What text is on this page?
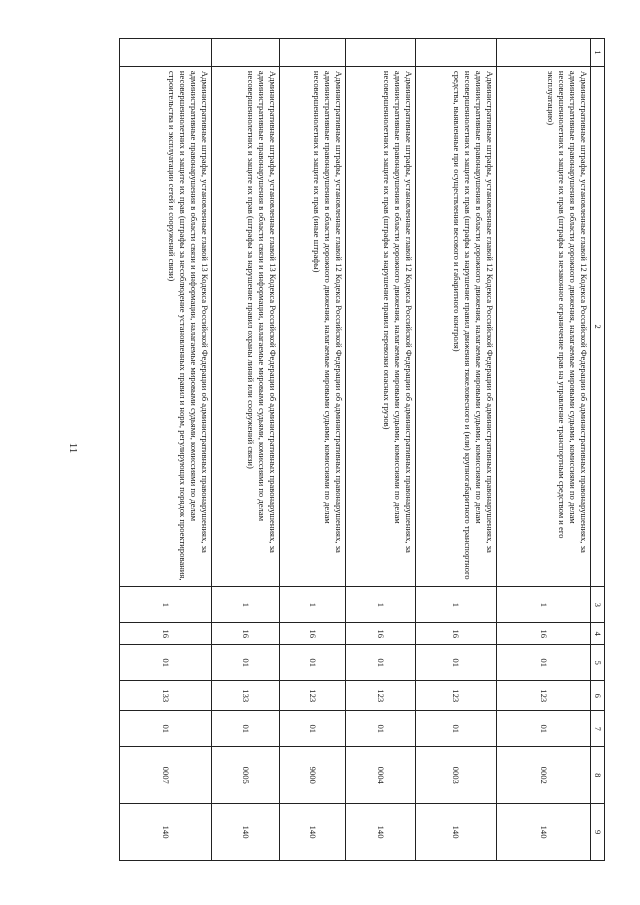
11
1	2	3	4	5	6	7	8	9
	Административные штрафы, установленные главой 12 Кодекса Российской Федерации об административных правонарушениях, за административные правонарушения в области дорожного движения, налагаемые мировыми судьями, комиссиями по делам несовершеннолетних и защите их прав (штрафы за незаконное ограничение прав на управление транспортным средством и его эксплуатацию)	1	16	01	123	01	0002	140
	Административные штрафы, установленные главой 12 Кодекса Российской Федерации об административных правонарушениях, за административные правонарушения в области дорожного движения, налагаемые мировыми судьями, комиссиями по делам несовершеннолетних и защите их прав (штрафы за нарушение правил движения тяжеловесного и (или) крупногабаритного транспортного средства, выявленные при осуществлении весового и габаритного контроля)	1	16	01	123	01	0003	140
	Административные штрафы, установленные главой 12 Кодекса Российской Федерации об административных правонарушениях, за административные правонарушения в области дорожного движения, налагаемые мировыми судьями, комиссиями по делам несовершеннолетних и защите их прав (штрафы за нарушение правил перевозки опасных грузов)	1	16	01	123	01	0004	140
	Административные штрафы, установленные главой 12 Кодекса Российской Федерации об административных правонарушениях, за административные правонарушения в области дорожного движения, налагаемые мировыми судьями, комиссиями по делам несовершеннолетних и защите их прав (иные штрафы)	1	16	01	123	01	9000	140
	Административные штрафы, установленные главой 13 Кодекса Российской Федерации об административных правонарушениях, за административные правонарушения в области связи и информации, налагаемые мировыми судьями, комиссиями по делам несовершеннолетних и защите их прав (штрафы за нарушение правил охраны линий или сооружений связи)	1	16	01	133	01	0005	140
	Административные штрафы, установленные главой 13 Кодекса Российской Федерации об административных правонарушениях, за административные правонарушения в области связи и информации, налагаемые мировыми судьями, комиссиями по делам несовершеннолетних и защите их прав (штрафы за несоблюдение установленных правил и норм, регулирующих порядок проектирования, строительства и эксплуатации сетей и сооружений связи)	1	16	01	133	01	0007	140
